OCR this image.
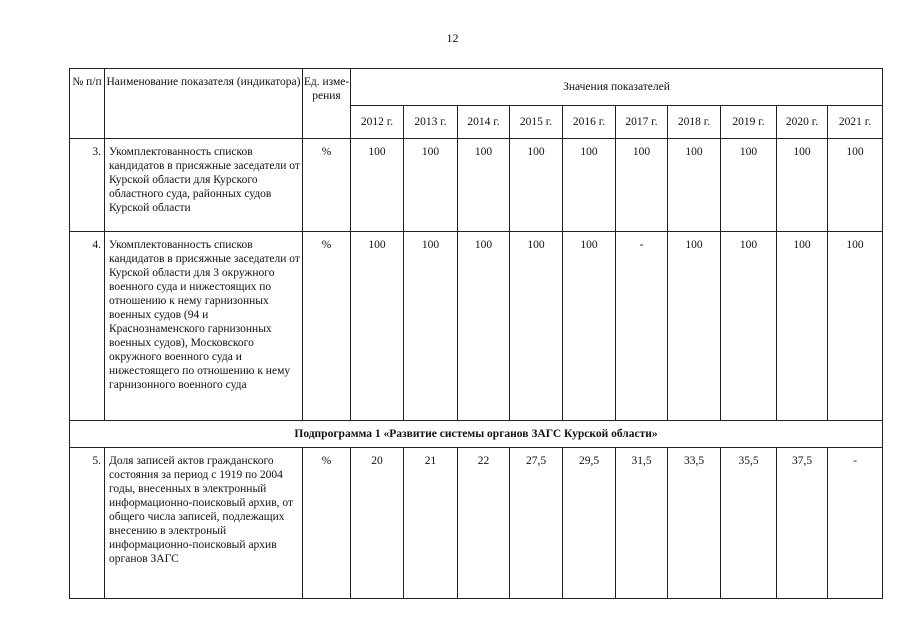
12
№ п/п	Наименование показателя (индикатора)	Ед. изме- рения	Значения показателей									
			2012 г.	2013 г.	2014 г.	2015 г.	2016 г.	2017 г.	2018 г.	2019 г.	2020 г.	2021 г.
3.	Укомплектованность списков кандидатов в присяжные заседатели от Курской области для Курского областного суда, районных судов Курской области	%	100	100	100	100	100	100	100	100	100	100
4.	Укомплектованность списков кандидатов в присяжные заседатели от Курской области для 3 окружного военного суда и нижестоящих по отношению к нему гарнизонных военных судов (94 и Краснознаменского гарнизонных военных судов), Московского окружного военного суда и нижестоящего по отношению к нему гарнизонного военного суда	%	100	100	100	100	100	-	100	100	100	100
Подпрограмма 1 «Развитие системы органов ЗАГС Курской области»												
5.	Доля записей актов гражданского состояния за период с 1919 по 2004 годы, внесенных в электронный информационно-поисковый архив, от общего числа записей, подлежащих внесению в электроный информационно-поисковый архив органов ЗАГС	%	20	21	22	27,5	29,5	31,5	33,5	35,5	37,5	-
